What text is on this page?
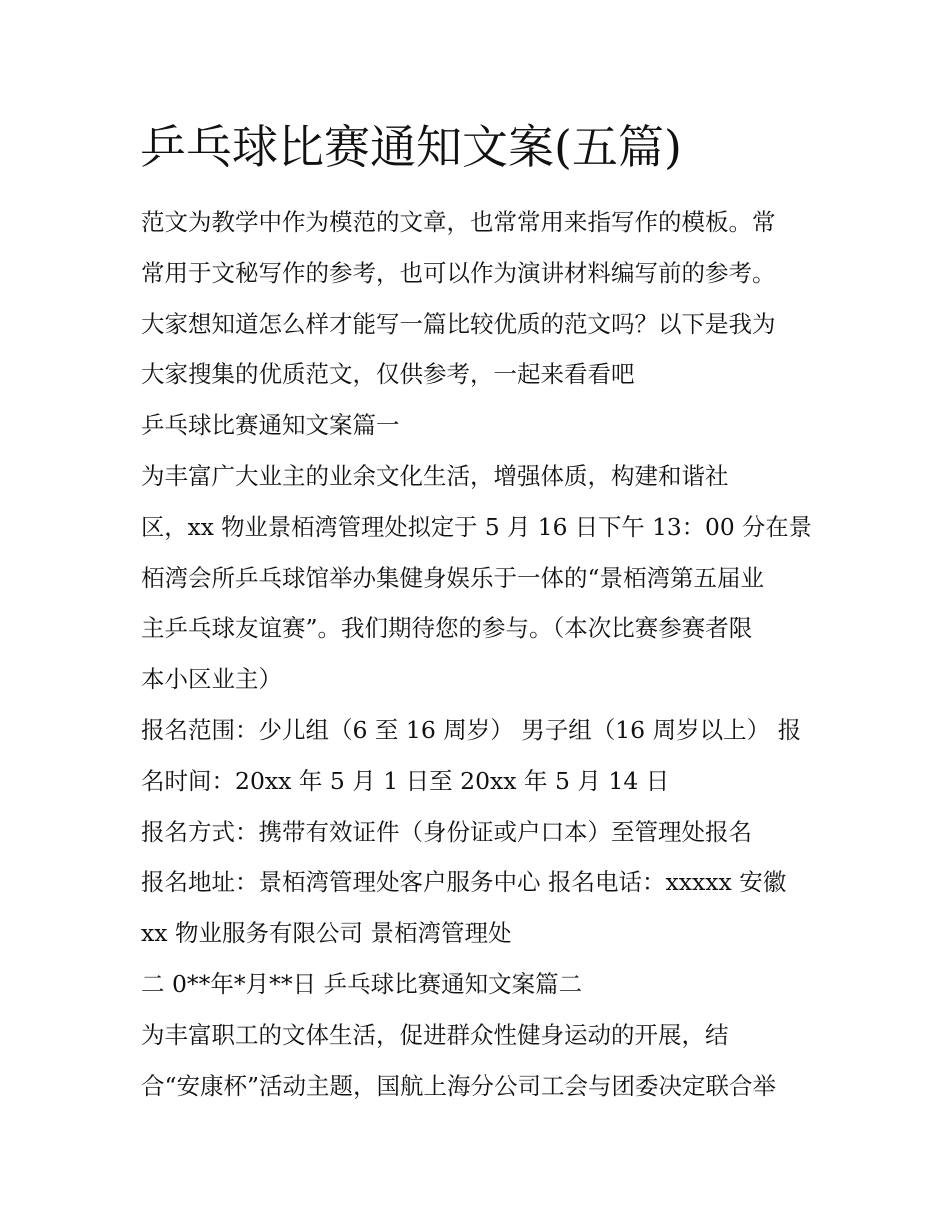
乒乓球比赛通知文案(五篇)
范文为教学中作为模范的文章，也常常用来指写作的模板。常
常用于文秘写作的参考，也可以作为演讲材料编写前的参考。
大家想知道怎么样才能写一篇比较优质的范文吗？以下是我为
大家搜集的优质范文，仅供参考，一起来看看吧
乒乓球比赛通知文案篇一
为丰富广大业主的业余文化生活，增强体质，构建和谐社
区，xx 物业景栢湾管理处拟定于 5 月 16 日下午 13：00 分在景
栢湾会所乒乓球馆举办集健身娱乐于一体的“景栢湾第五届业
主乒乓球友谊赛”。我们期待您的参与。（本次比赛参赛者限
本小区业主）
报名范围：少儿组（6 至 16 周岁） 男子组（16 周岁以上） 报
名时间：20xx 年 5 月 1 日至 20xx 年 5 月 14 日
报名方式：携带有效证件（身份证或户口本）至管理处报名
报名地址：景栢湾管理处客户服务中心 报名电话：xxxxx 安徽
xx 物业服务有限公司 景栢湾管理处
二 0**年*月**日 乒乓球比赛通知文案篇二
为丰富职工的文体生活，促进群众性健身运动的开展，结
合“安康杯”活动主题，国航上海分公司工会与团委决定联合举
